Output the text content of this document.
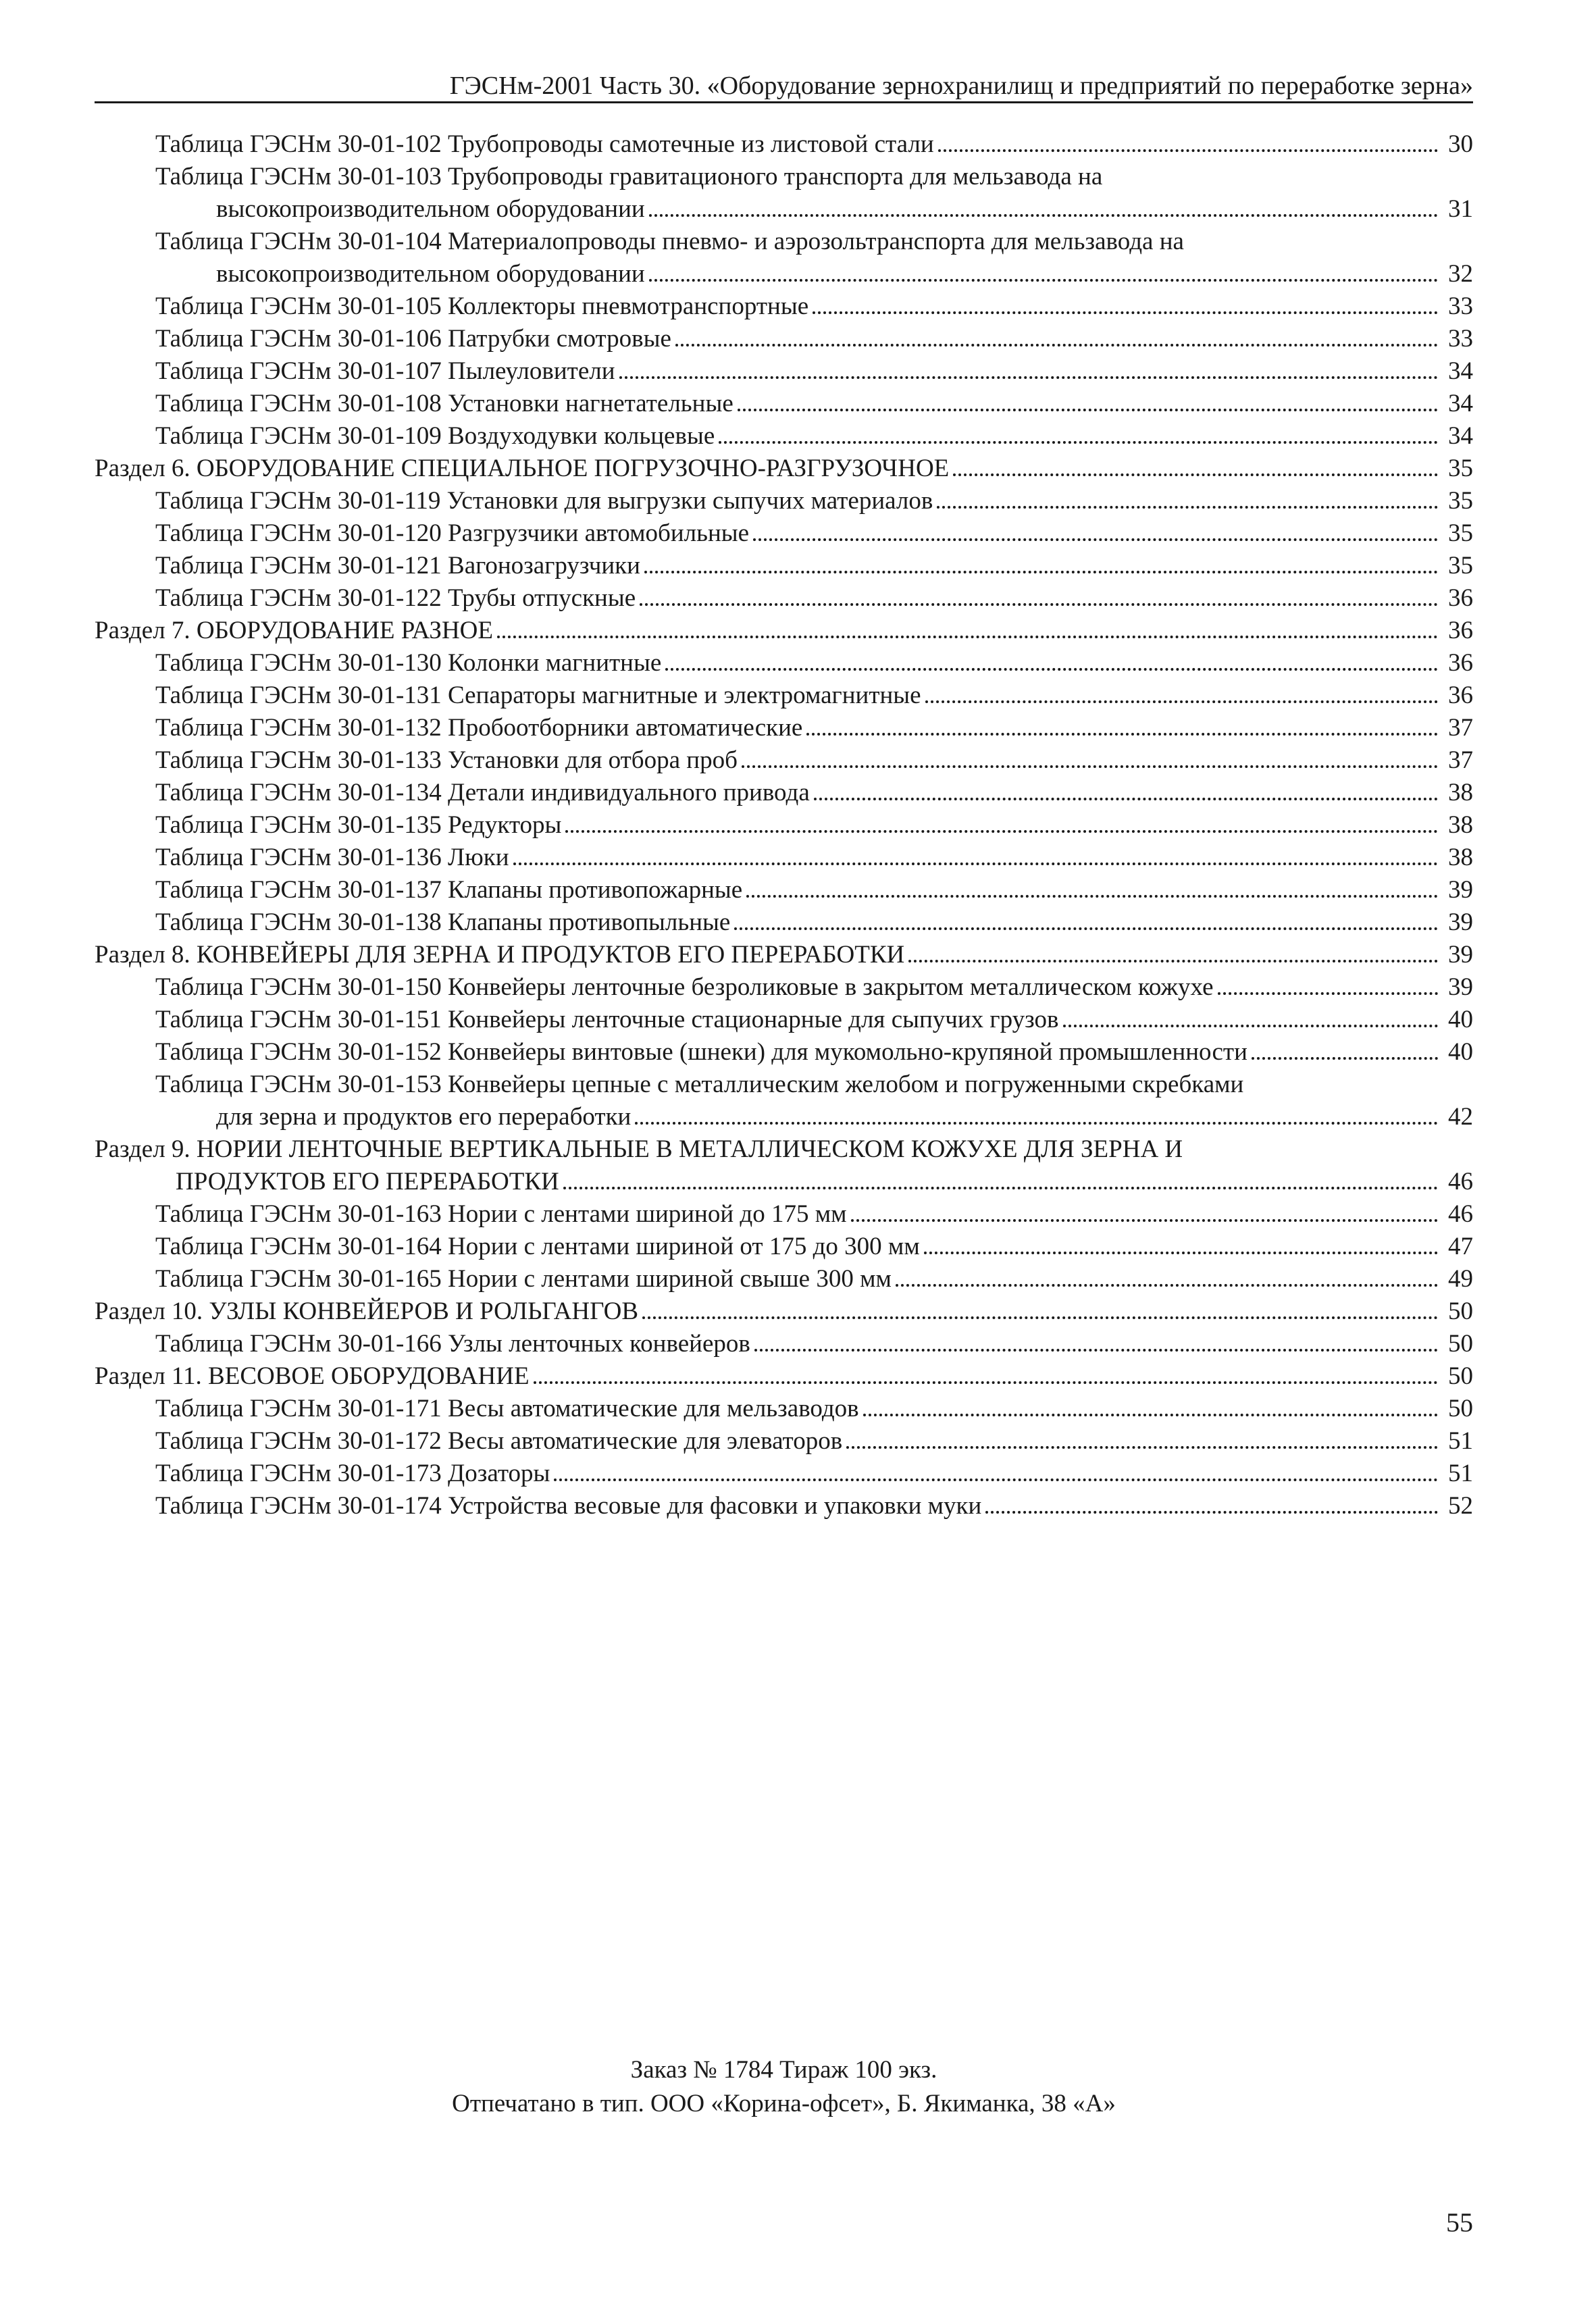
ГЭСНм-2001 Часть 30. «Оборудование зернохранилищ и предприятий по переработке зерна»
Таблица ГЭСНм 30-01-102 Трубопроводы самотечные из листовой стали	30
Таблица ГЭСНм 30-01-103 Трубопроводы гравитационого транспорта для мельзавода на
высокопроизводительном оборудовании	31
Таблица ГЭСНм 30-01-104 Материалопроводы пневмо- и аэрозольтранспорта для мельзавода на
высокопроизводительном оборудовании	32
Таблица ГЭСНм 30-01-105 Коллекторы пневмотранспортные	33
Таблица ГЭСНм 30-01-106 Патрубки смотровые	33
Таблица ГЭСНм 30-01-107 Пылеуловители	34
Таблица ГЭСНм 30-01-108 Установки нагнетательные	34
Таблица ГЭСНм 30-01-109 Воздуходувки кольцевые	34
Раздел 6. ОБОРУДОВАНИЕ СПЕЦИАЛЬНОЕ ПОГРУЗОЧНО-РАЗГРУЗОЧНОЕ	35
Таблица ГЭСНм 30-01-119 Установки для выгрузки сыпучих материалов	35
Таблица ГЭСНм 30-01-120 Разгрузчики автомобильные	35
Таблица ГЭСНм 30-01-121 Вагонозагрузчики	35
Таблица ГЭСНм 30-01-122 Трубы отпускные	36
Раздел 7. ОБОРУДОВАНИЕ РАЗНОЕ	36
Таблица ГЭСНм 30-01-130 Колонки магнитные	36
Таблица ГЭСНм 30-01-131 Сепараторы магнитные и электромагнитные	36
Таблица ГЭСНм 30-01-132 Пробоотборники автоматические	37
Таблица ГЭСНм 30-01-133 Установки для отбора проб	37
Таблица ГЭСНм 30-01-134 Детали индивидуального привода	38
Таблица ГЭСНм 30-01-135 Редукторы	38
Таблица ГЭСНм 30-01-136 Люки	38
Таблица ГЭСНм 30-01-137 Клапаны противопожарные	39
Таблица ГЭСНм 30-01-138 Клапаны противопыльные	39
Раздел 8. КОНВЕЙЕРЫ ДЛЯ ЗЕРНА И ПРОДУКТОВ ЕГО ПЕРЕРАБОТКИ	39
Таблица ГЭСНм 30-01-150 Конвейеры ленточные безроликовые в закрытом металлическом кожухе	39
Таблица ГЭСНм 30-01-151 Конвейеры ленточные стационарные для сыпучих грузов	40
Таблица ГЭСНм 30-01-152 Конвейеры винтовые (шнеки) для мукомольно-крупяной промышленности	40
Таблица ГЭСНм 30-01-153 Конвейеры цепные с металлическим желобом и погруженными скребками
для зерна и продуктов его переработки	42
Раздел 9. НОРИИ ЛЕНТОЧНЫЕ ВЕРТИКАЛЬНЫЕ В МЕТАЛЛИЧЕСКОМ КОЖУХЕ ДЛЯ ЗЕРНА И
ПРОДУКТОВ ЕГО ПЕРЕРАБОТКИ	46
Таблица ГЭСНм 30-01-163 Нории с лентами шириной до 175 мм	46
Таблица ГЭСНм 30-01-164 Нории с лентами шириной от 175 до 300 мм	47
Таблица ГЭСНм 30-01-165 Нории с лентами шириной свыше 300 мм	49
Раздел 10. УЗЛЫ КОНВЕЙЕРОВ И РОЛЬГАНГОВ	50
Таблица ГЭСНм 30-01-166 Узлы ленточных конвейеров	50
Раздел 11. ВЕСОВОЕ ОБОРУДОВАНИЕ	50
Таблица ГЭСНм 30-01-171 Весы автоматические для мельзаводов	50
Таблица ГЭСНм 30-01-172 Весы автоматические для элеваторов	51
Таблица ГЭСНм 30-01-173 Дозаторы	51
Таблица ГЭСНм 30-01-174 Устройства весовые для фасовки и упаковки муки	52
Заказ № 1784 Тираж 100 экз.
Отпечатано в тип. ООО «Корина-офсет», Б. Якиманка, 38 «А»
55
